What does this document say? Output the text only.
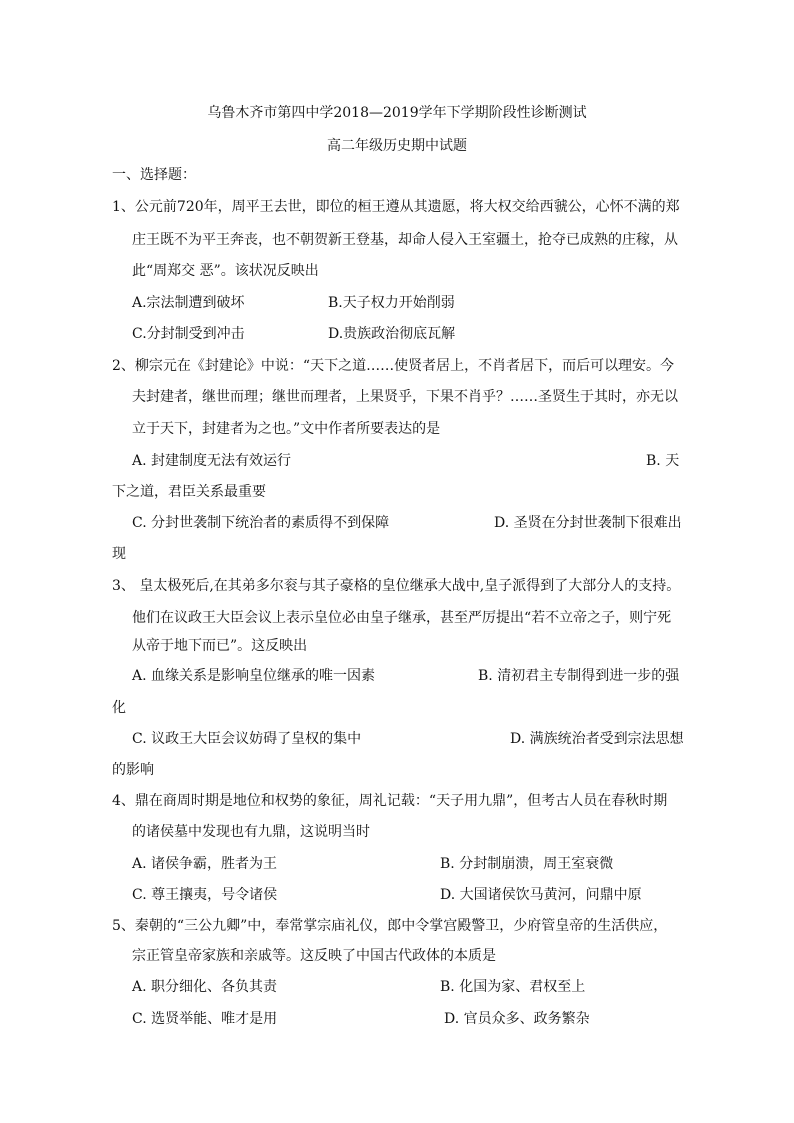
乌鲁木齐市第四中学2018—2019学年下学期阶段性诊断测试
高二年级历史期中试题
一、选择题：
1、公元前720年，周平王去世，即位的桓王遵从其遗愿，将大权交给西虢公，心怀不满的郑
庄王既不为平王奔丧，也不朝贺新王登基，却命人侵入王室疆土，抢夺已成熟的庄稼，从
此“周郑交 恶”。该状况反映出
A.宗法制遭到破坏	B.天子权力开始削弱
C.分封制受到冲击	D.贵族政治彻底瓦解
2、柳宗元在《封建论》中说：“天下之道……使贤者居上，不肖者居下，而后可以理安。今
夫封建者，继世而理；继世而理者，上果贤乎，下果不肖乎？……圣贤生于其时，亦无以
立于天下，封建者为之也。”文中作者所要表达的是
A. 封建制度无法有效运行	B. 天
下之道，君臣关系最重要
C. 分封世袭制下统治者的素质得不到保障	D. 圣贤在分封世袭制下很难出
现
3、 皇太极死后,在其弟多尔衮与其子豪格的皇位继承大战中,皇子派得到了大部分人的支持。
他们在议政王大臣会议上表示皇位必由皇子继承，甚至严厉提出“若不立帝之子，则宁死
从帝于地下而已”。这反映出
A. 血缘关系是影响皇位继承的唯一因素	B. 清初君主专制得到进一步的强
化
C. 议政王大臣会议妨碍了皇权的集中	D. 满族统治者受到宗法思想
的影响
4、鼎在商周时期是地位和权势的象征，周礼记载：“天子用九鼎”，但考古人员在春秋时期
的诸侯墓中发现也有九鼎，这说明当时
A. 诸侯争霸，胜者为王	B. 分封制崩溃，周王室衰微
C. 尊王攘夷，号令诸侯	D. 大国诸侯饮马黄河，问鼎中原
5、秦朝的“三公九卿”中，奉常掌宗庙礼仪，郎中令掌宫殿警卫，少府管皇帝的生活供应，
宗正管皇帝家族和亲戚等。这反映了中国古代政体的本质是
A. 职分细化、各负其责	B. 化国为家、君权至上
C. 选贤举能、唯才是用	D. 官员众多、政务繁杂
